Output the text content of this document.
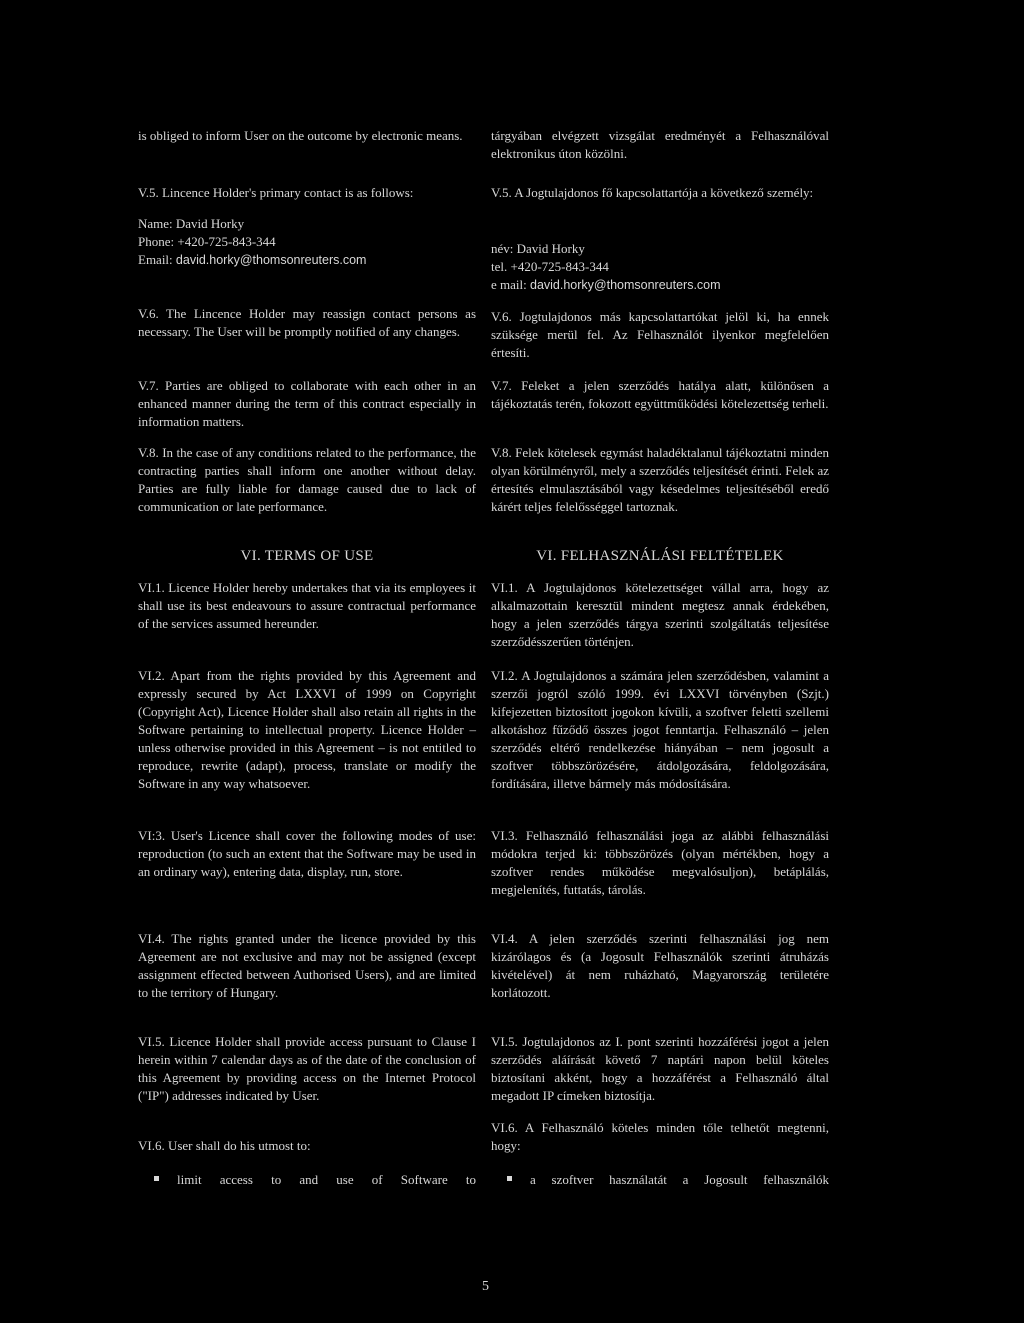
is obliged to inform User on the outcome by electronic means.

V.5. Lincence Holder's primary contact is as follows:

Name: David Horky

Phone: +420-725-843-344

Email: david.horky@thomsonreuters.com

V.6. The Lincence Holder may reassign contact persons as necessary. The User will be promptly notified of any changes.

V.7. Parties are obliged to collaborate with each other in an enhanced manner during the term of this contract especially in information matters.

V.8. In the case of any conditions related to the performance, the contracting parties shall inform one another without delay. Parties are fully liable for damage caused due to lack of communication or late performance.

VI. TERMS OF USE

VI.1. Licence Holder hereby undertakes that via its employees it shall use its best endeavours to assure contractual performance of the services assumed hereunder.

VI.2. Apart from the rights provided by this Agreement and expressly secured by Act LXXVI of 1999 on Copyright (Copyright Act), Licence Holder shall also retain all rights in the Software pertaining to intellectual property. Licence Holder – unless otherwise provided in this Agreement – is not entitled to reproduce, rewrite (adapt), process, translate or modify the Software in any way whatsoever.

VI:3. User's Licence shall cover the following modes of use: reproduction (to such an extent that the Software may be used in an ordinary way), entering data, display, run, store.

VI.4. The rights granted under the licence provided by this Agreement are not exclusive and may not be assigned (except assignment effected between Authorised Users), and are limited to the territory of Hungary.

VI.5. Licence Holder shall provide access pursuant to Clause I herein within 7 calendar days as of the date of the conclusion of this Agreement by providing access on the Internet Protocol ("IP") addresses indicated by User.

VI.6. User shall do his utmost to:

limit access to and use of Software to

tárgyában elvégzett vizsgálat eredményét a Felhasználóval elektronikus úton közölni.

V.5. A Jogtulajdonos fő kapcsolattartója a következő személy:

név: David Horky

tel. +420-725-843-344

e mail: david.horky@thomsonreuters.com

V.6. Jogtulajdonos más kapcsolattartókat jelöl ki, ha ennek szüksége merül fel. Az Felhasználót ilyenkor megfelelően értesíti.

V.7. Feleket a jelen szerződés hatálya alatt, különösen a tájékoztatás terén, fokozott együttműködési kötelezettség terheli.

V.8. Felek kötelesek egymást haladéktalanul tájékoztatni minden olyan körülményről, mely a szerződés teljesítését érinti. Felek az értesítés elmulasztásából vagy késedelmes teljesítéséből eredő kárért teljes felelősséggel tartoznak.

VI. FELHASZNÁLÁSI FELTÉTELEK

VI.1. A Jogtulajdonos kötelezettséget vállal arra, hogy az alkalmazottain keresztül mindent megtesz annak érdekében, hogy a jelen szerződés tárgya szerinti szolgáltatás teljesítése szerződésszerűen történjen.

VI.2. A Jogtulajdonos a számára jelen szerződésben, valamint a szerzői jogról szóló 1999. évi LXXVI törvényben (Szjt.) kifejezetten biztosított jogokon kívüli, a szoftver feletti szellemi alkotáshoz fűződő összes jogot fenntartja. Felhasználó – jelen szerződés eltérő rendelkezése hiányában – nem jogosult a szoftver többszörözésére, átdolgozására, feldolgozására, fordítására, illetve bármely más módosítására.

VI.3. Felhasználó felhasználási joga az alábbi felhasználási módokra terjed ki: többszörözés (olyan mértékben, hogy a szoftver rendes működése megvalósuljon), betáplálás, megjelenítés, futtatás, tárolás.

VI.4. A jelen szerződés szerinti felhasználási jog nem kizárólagos és (a Jogosult Felhasználók szerinti átruházás kivételével) át nem ruházható, Magyarország területére korlátozott.

VI.5. Jogtulajdonos az I. pont szerinti hozzáférési jogot a jelen szerződés aláírását követő 7 naptári napon belül köteles biztosítani akként, hogy a hozzáférést a Felhasználó által megadott IP címeken biztosítja.

VI.6. A Felhasználó köteles minden tőle telhetőt megtenni, hogy:

a szoftver használatát a Jogosult felhasználók
5
